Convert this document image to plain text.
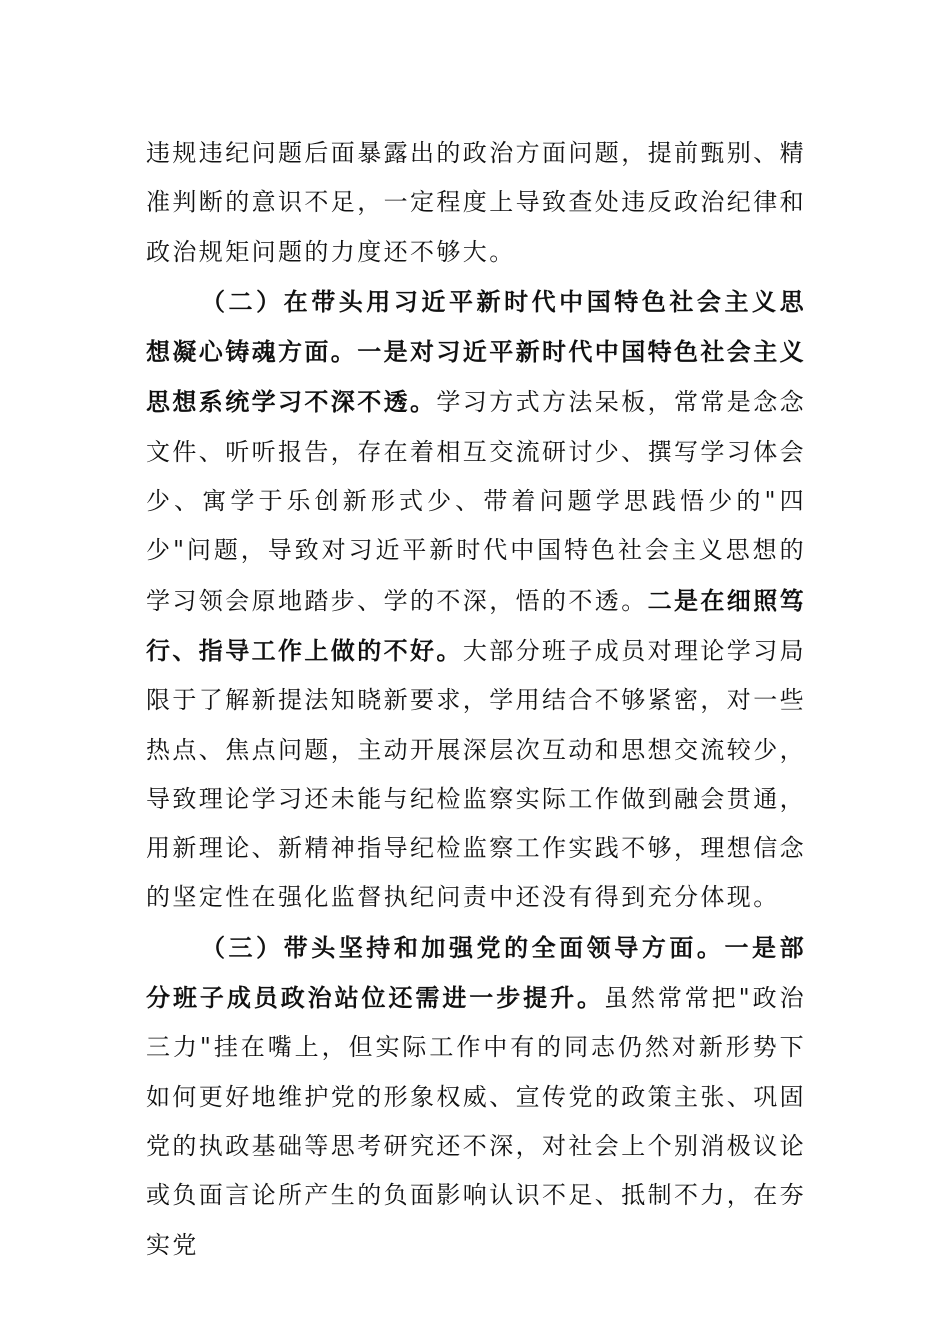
违规违纪问题后面暴露出的政治方面问题，提前甄别、精准判断的意识不足，一定程度上导致查处违反政治纪律和政治规矩问题的力度还不够大。

（二）在带头用习近平新时代中国特色社会主义思想凝心铸魂方面。一是对习近平新时代中国特色社会主义思想系统学习不深不透。学习方式方法呆板，常常是念念文件、听听报告，存在着相互交流研讨少、撰写学习体会少、寓学于乐创新形式少、带着问题学思践悟少的"四少"问题，导致对习近平新时代中国特色社会主义思想的学习领会原地踏步、学的不深，悟的不透。二是在细照笃行、指导工作上做的不好。大部分班子成员对理论学习局限于了解新提法知晓新要求，学用结合不够紧密，对一些热点、焦点问题，主动开展深层次互动和思想交流较少，导致理论学习还未能与纪检监察实际工作做到融会贯通，用新理论、新精神指导纪检监察工作实践不够，理想信念的坚定性在强化监督执纪问责中还没有得到充分体现。

（三）带头坚持和加强党的全面领导方面。一是部分班子成员政治站位还需进一步提升。虽然常常把"政治三力"挂在嘴上，但实际工作中有的同志仍然对新形势下如何更好地维护党的形象权威、宣传党的政策主张、巩固党的执政基础等思考研究还不深，对社会上个别消极议论或负面言论所产生的负面影响认识不足、抵制不力，在夯实党
